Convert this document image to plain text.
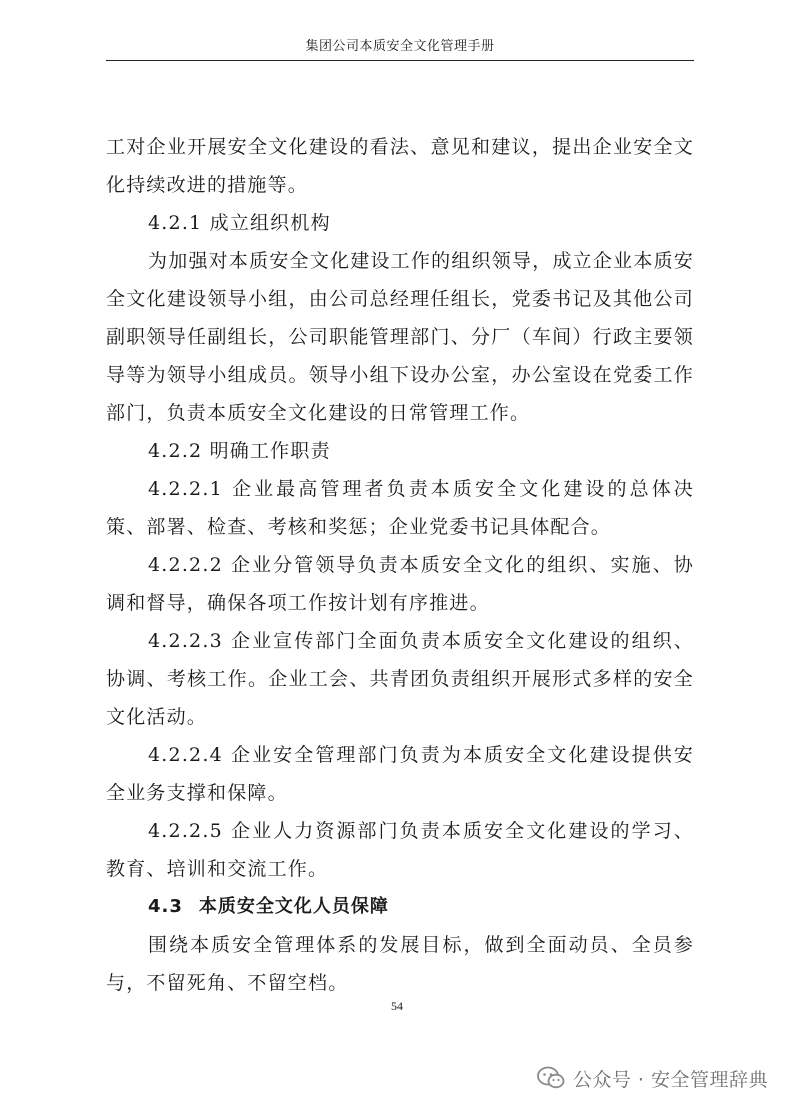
集团公司本质安全文化管理手册

工对企业开展安全文化建设的看法、意见和建议，提出企业安全文化持续改进的措施等。

4.2.1 成立组织机构

为加强对本质安全文化建设工作的组织领导，成立企业本质安全文化建设领导小组，由公司总经理任组长，党委书记及其他公司副职领导任副组长，公司职能管理部门、分厂（车间）行政主要领导等为领导小组成员。领导小组下设办公室，办公室设在党委工作部门，负责本质安全文化建设的日常管理工作。

4.2.2 明确工作职责

4.2.2.1 企业最高管理者负责本质安全文化建设的总体决策、部署、检查、考核和奖惩；企业党委书记具体配合。

4.2.2.2 企业分管领导负责本质安全文化的组织、实施、协调和督导，确保各项工作按计划有序推进。

4.2.2.3 企业宣传部门全面负责本质安全文化建设的组织、协调、考核工作。企业工会、共青团负责组织开展形式多样的安全文化活动。

4.2.2.4 企业安全管理部门负责为本质安全文化建设提供安全业务支撑和保障。

4.2.2.5 企业人力资源部门负责本质安全文化建设的学习、教育、培训和交流工作。

4.3 本质安全文化人员保障

围绕本质安全管理体系的发展目标，做到全面动员、全员参与，不留死角、不留空档。

54
公众号 · 安全管理辞典
